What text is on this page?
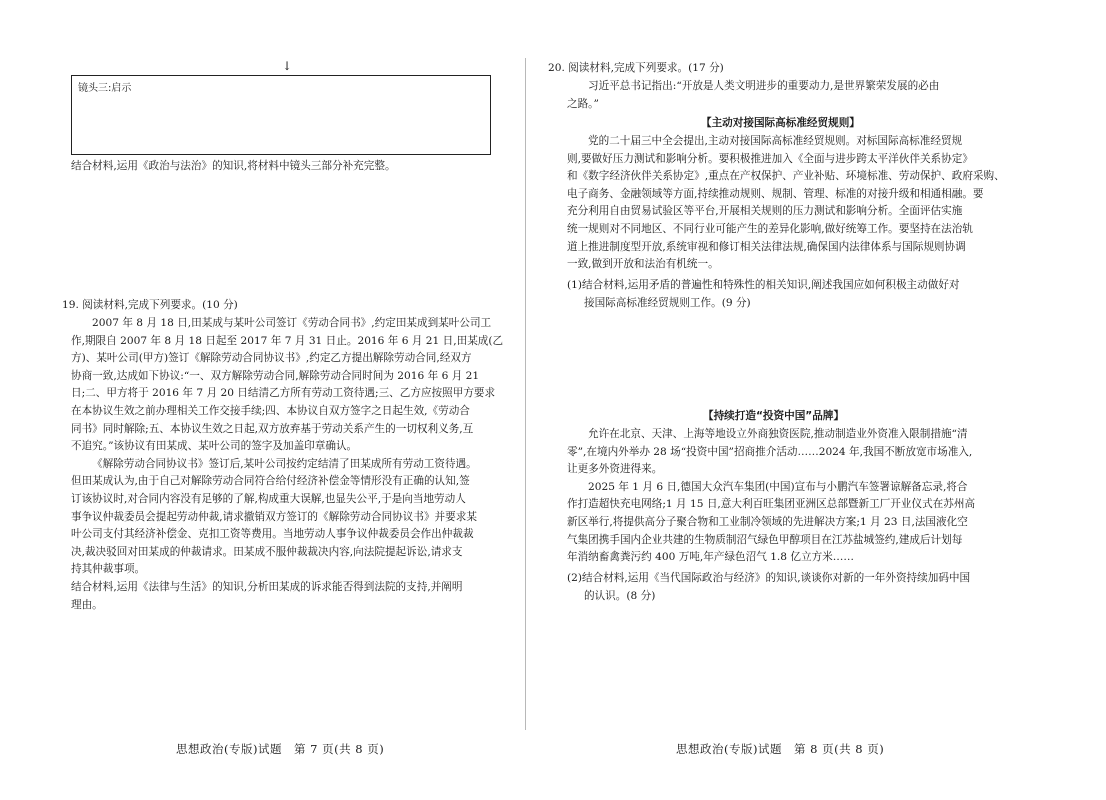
↓
镜头三:启示
结合材料,运用《政治与法治》的知识,将材料中镜头三部分补充完整。
19. 阅读材料,完成下列要求。(10 分)
2007 年 8 月 18 日,田某成与某叶公司签订《劳动合同书》,约定田某成到某叶公司工
作,期限自 2007 年 8 月 18 日起至 2017 年 7 月 31 日止。2016 年 6 月 21 日,田某成(乙
方)、某叶公司(甲方)签订《解除劳动合同协议书》,约定乙方提出解除劳动合同,经双方
协商一致,达成如下协议:“一、双方解除劳动合同,解除劳动合同时间为 2016 年 6 月 21
日;二、甲方将于 2016 年 7 月 20 日结清乙方所有劳动工资待遇;三、乙方应按照甲方要求
在本协议生效之前办理相关工作交接手续;四、本协议自双方签字之日起生效,《劳动合
同书》同时解除;五、本协议生效之日起,双方放弃基于劳动关系产生的一切权利义务,互
不追究。”该协议有田某成、某叶公司的签字及加盖印章确认。
《解除劳动合同协议书》签订后,某叶公司按约定结清了田某成所有劳动工资待遇。
但田某成认为,由于自己对解除劳动合同符合给付经济补偿金等情形没有正确的认知,签
订该协议时,对合同内容没有足够的了解,构成重大误解,也显失公平,于是向当地劳动人
事争议仲裁委员会提起劳动仲裁,请求撤销双方签订的《解除劳动合同协议书》并要求某
叶公司支付其经济补偿金、克扣工资等费用。当地劳动人事争议仲裁委员会作出仲裁裁
决,裁决驳回对田某成的仲裁请求。田某成不服仲裁裁决内容,向法院提起诉讼,请求支
持其仲裁事项。
结合材料,运用《法律与生活》的知识,分析田某成的诉求能否得到法院的支持,并阐明
理由。
思想政治(专版)试题　第 7 页(共 8 页)
20. 阅读材料,完成下列要求。(17 分)
习近平总书记指出:“开放是人类文明进步的重要动力,是世界繁荣发展的必由
之路。”
【主动对接国际高标准经贸规则】
党的二十届三中全会提出,主动对接国际高标准经贸规则。对标国际高标准经贸规
则,要做好压力测试和影响分析。要积极推进加入《全面与进步跨太平洋伙伴关系协定》
和《数字经济伙伴关系协定》,重点在产权保护、产业补贴、环境标准、劳动保护、政府采购、
电子商务、金融领域等方面,持续推动规则、规制、管理、标准的对接升级和相通相融。要
充分利用自由贸易试验区等平台,开展相关规则的压力测试和影响分析。全面评估实施
统一规则对不同地区、不同行业可能产生的差异化影响,做好统筹工作。要坚持在法治轨
道上推进制度型开放,系统审视和修订相关法律法规,确保国内法律体系与国际规则协调
一致,做到开放和法治有机统一。
(1)结合材料,运用矛盾的普遍性和特殊性的相关知识,阐述我国应如何积极主动做好对
接国际高标准经贸规则工作。(9 分)
【持续打造“投资中国”品牌】
允许在北京、天津、上海等地设立外商独资医院,推动制造业外资准入限制措施“清
零”,在境内外举办 28 场“投资中国”招商推介活动……2024 年,我国不断放宽市场准入,
让更多外资进得来。
2025 年 1 月 6 日,德国大众汽车集团(中国)宣布与小鹏汽车签署谅解备忘录,将合
作打造超快充电网络;1 月 15 日,意大利百旺集团亚洲区总部暨新工厂开业仪式在苏州高
新区举行,将提供高分子聚合物和工业制冷领域的先进解决方案;1 月 23 日,法国液化空
气集团携手国内企业共建的生物质制沼气绿色甲醇项目在江苏盐城签约,建成后计划每
年消纳畜禽粪污约 400 万吨,年产绿色沼气 1.8 亿立方米……
(2)结合材料,运用《当代国际政治与经济》的知识,谈谈你对新的一年外资持续加码中国
的认识。(8 分)
思想政治(专版)试题　第 8 页(共 8 页)
